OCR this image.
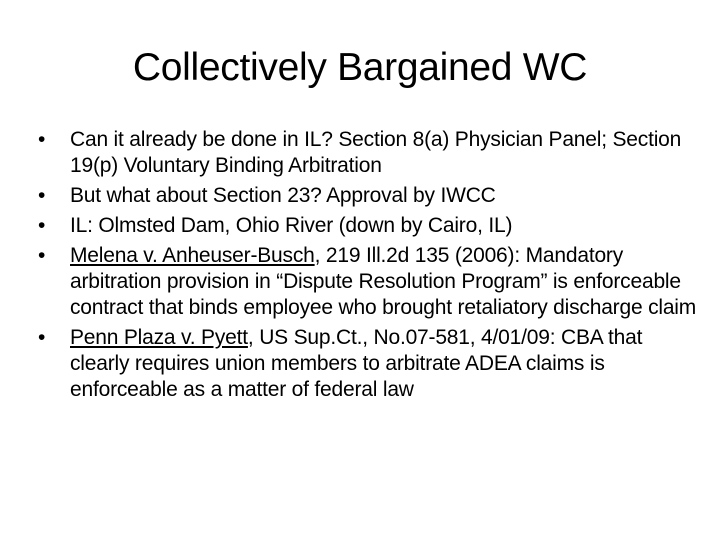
Collectively Bargained WC
•	Can it already be done in IL? Section 8(a) Physician Panel; Section 19(p) Voluntary Binding Arbitration
•	But what about Section 23? Approval by IWCC
•	IL: Olmsted Dam, Ohio River (down by Cairo, IL)
•	Melena v. Anheuser-Busch, 219 Ill.2d 135 (2006): Mandatory arbitration provision in “Dispute Resolution Program” is enforceable contract that binds employee who brought retaliatory discharge claim
•	Penn Plaza v. Pyett, US Sup.Ct., No.07-581, 4/01/09: CBA that clearly requires union members to arbitrate ADEA claims is enforceable as a matter of federal law
